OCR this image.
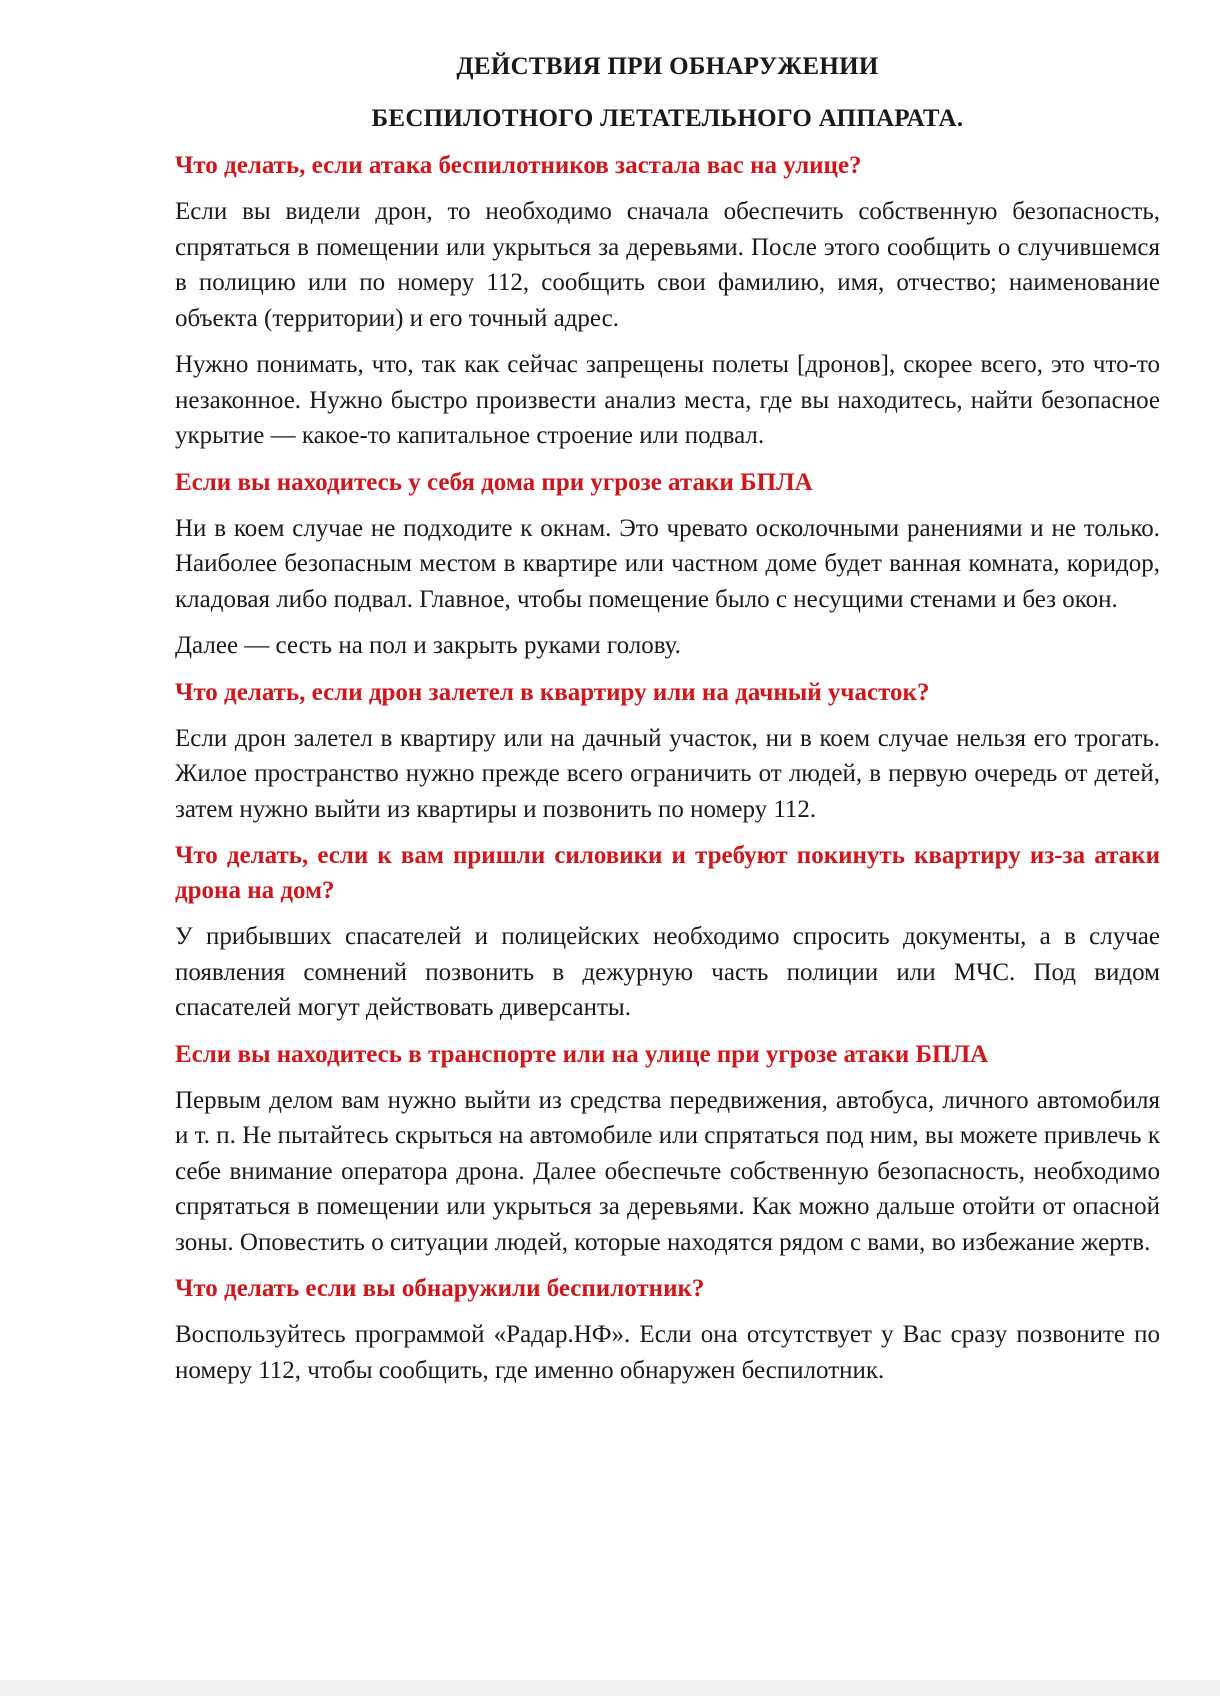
ДЕЙСТВИЯ ПРИ ОБНАРУЖЕНИИ
БЕСПИЛОТНОГО ЛЕТАТЕЛЬНОГО АППАРАТА.
Что делать, если атака беспилотников застала вас на улице?

Если вы видели дрон, то необходимо сначала обеспечить собственную безопасность, спрятаться в помещении или укрыться за деревьями. После этого сообщить о случившемся в полицию или по номеру 112, сообщить свои фамилию, имя, отчество; наименование объекта (территории) и его точный адрес.

Нужно понимать, что, так как сейчас запрещены полеты [дронов], скорее всего, это что-то незаконное. Нужно быстро произвести анализ места, где вы находитесь, найти безопасное укрытие — какое-то капитальное строение или подвал.

Если вы находитесь у себя дома при угрозе атаки БПЛА

Ни в коем случае не подходите к окнам. Это чревато осколочными ранениями и не только. Наиболее безопасным местом в квартире или частном доме будет ванная комната, коридор, кладовая либо подвал. Главное, чтобы помещение было с несущими стенами и без окон.

Далее — сесть на пол и закрыть руками голову.

Что делать, если дрон залетел в квартиру или на дачный участок?

Если дрон залетел в квартиру или на дачный участок, ни в коем случае нельзя его трогать. Жилое пространство нужно прежде всего ограничить от людей, в первую очередь от детей, затем нужно выйти из квартиры и позвонить по номеру 112.

Что делать, если к вам пришли силовики и требуют покинуть квартиру из-за атаки дрона на дом?

У прибывших спасателей и полицейских необходимо спросить документы, а в случае появления сомнений позвонить в дежурную часть полиции или МЧС. Под видом спасателей могут действовать диверсанты.

Если вы находитесь в транспорте или на улице при угрозе атаки БПЛА

Первым делом вам нужно выйти из средства передвижения, автобуса, личного автомобиля и т. п. Не пытайтесь скрыться на автомобиле или спрятаться под ним, вы можете привлечь к себе внимание оператора дрона. Далее обеспечьте собственную безопасность, необходимо спрятаться в помещении или укрыться за деревьями. Как можно дальше отойти от опасной зоны. Оповестить о ситуации людей, которые находятся рядом с вами, во избежание жертв.

Что делать если вы обнаружили беспилотник?

Воспользуйтесь программой «Радар.НФ». Если она отсутствует у Вас сразу позвоните по номеру 112, чтобы сообщить, где именно обнаружен беспилотник.
